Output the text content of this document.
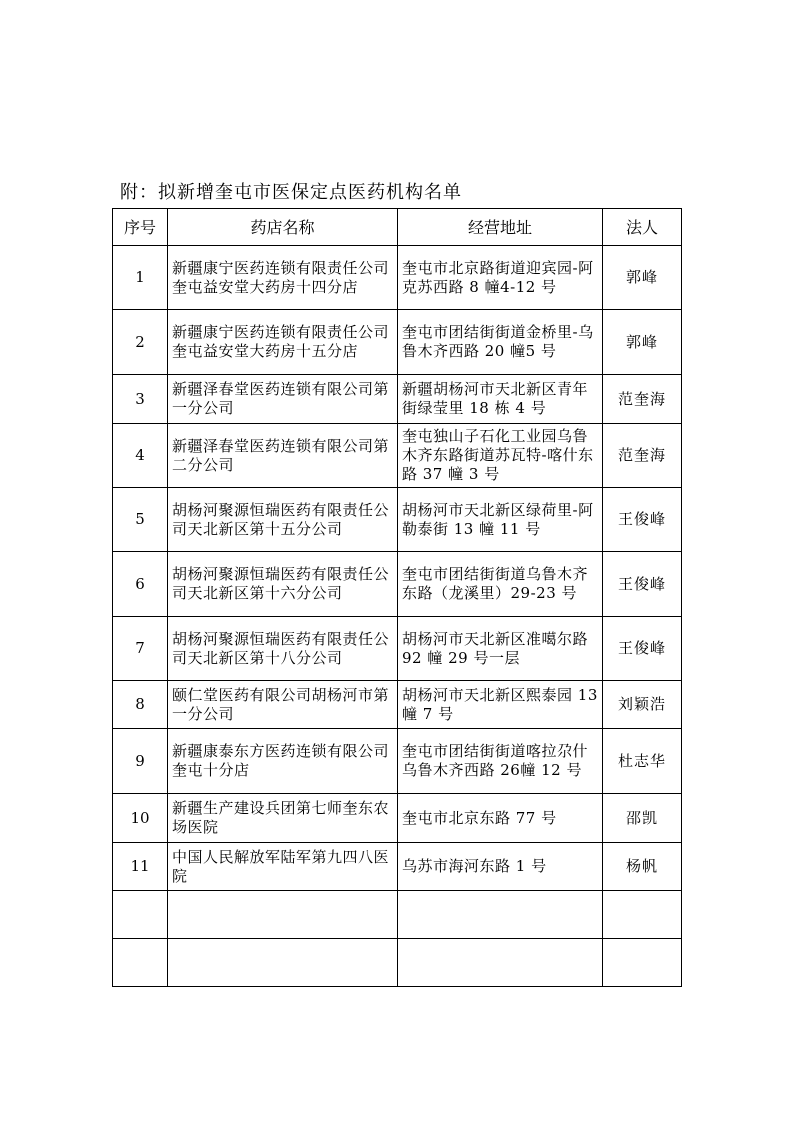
附：拟新增奎屯市医保定点医药机构名单
序号	药店名称	经营地址	法人
1	新疆康宁医药连锁有限责任公司奎屯益安堂大药房十四分店	奎屯市北京路街道迎宾园-阿克苏西路 8 幢4-12 号	郭峰
2	新疆康宁医药连锁有限责任公司奎屯益安堂大药房十五分店	奎屯市团结街街道金桥里-乌鲁木齐西路 20 幢5 号	郭峰
3	新疆泽春堂医药连锁有限公司第一分公司	新疆胡杨河市天北新区青年街绿莹里 18 栋 4 号	范奎海
4	新疆泽春堂医药连锁有限公司第二分公司	奎屯独山子石化工业园乌鲁木齐东路街道苏瓦特-喀什东路 37 幢 3 号	范奎海
5	胡杨河聚源恒瑞医药有限责任公司天北新区第十五分公司	胡杨河市天北新区绿荷里-阿勒泰街 13 幢 11 号	王俊峰
6	胡杨河聚源恒瑞医药有限责任公司天北新区第十六分公司	奎屯市团结街街道乌鲁木齐东路（龙溪里）29-23 号	王俊峰
7	胡杨河聚源恒瑞医药有限责任公司天北新区第十八分公司	胡杨河市天北新区准噶尔路 92 幢 29 号一层	王俊峰
8	颐仁堂医药有限公司胡杨河市第一分公司	胡杨河市天北新区熙泰园 13 幢 7 号	刘颖浩
9	新疆康泰东方医药连锁有限公司奎屯十分店	奎屯市团结街街道喀拉尕什乌鲁木齐西路 26幢 12 号	杜志华
10	新疆生产建设兵团第七师奎东农场医院	奎屯市北京东路 77 号	邵凯
11	中国人民解放军陆军第九四八医院	乌苏市海河东路 1 号	杨帆
